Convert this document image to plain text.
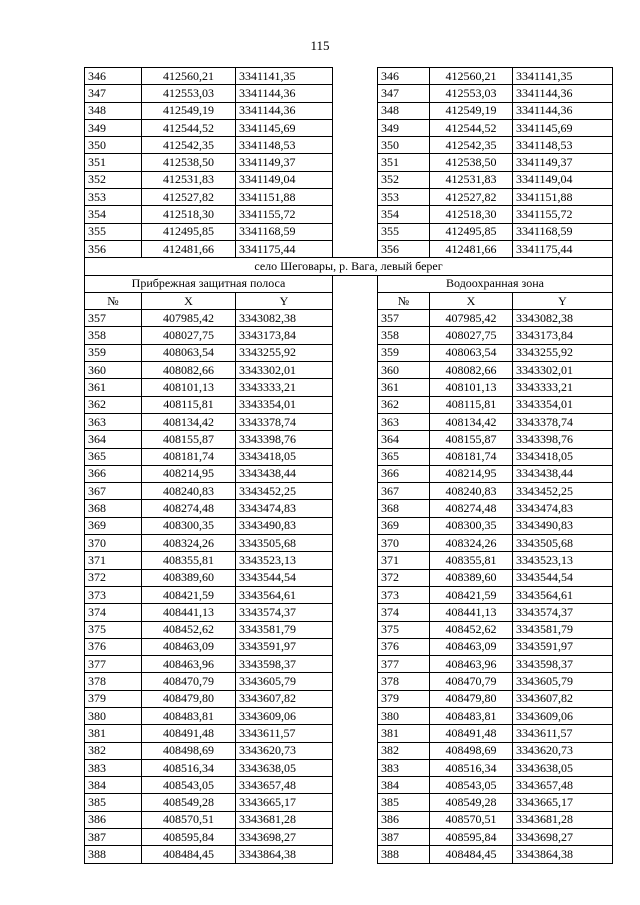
115
346	412560,21	3341141,35		346	412560,21	3341141,35
347	412553,03	3341144,36		347	412553,03	3341144,36
348	412549,19	3341144,36		348	412549,19	3341144,36
349	412544,52	3341145,69		349	412544,52	3341145,69
350	412542,35	3341148,53		350	412542,35	3341148,53
351	412538,50	3341149,37		351	412538,50	3341149,37
352	412531,83	3341149,04		352	412531,83	3341149,04
353	412527,82	3341151,88		353	412527,82	3341151,88
354	412518,30	3341155,72		354	412518,30	3341155,72
355	412495,85	3341168,59		355	412495,85	3341168,59
356	412481,66	3341175,44		356	412481,66	3341175,44
село Шеговары, р. Вага, левый берег						
Прибрежная защитная полоса				Водоохранная зона		
№	X	Y		№	X	Y
357	407985,42	3343082,38		357	407985,42	3343082,38
358	408027,75	3343173,84		358	408027,75	3343173,84
359	408063,54	3343255,92		359	408063,54	3343255,92
360	408082,66	3343302,01		360	408082,66	3343302,01
361	408101,13	3343333,21		361	408101,13	3343333,21
362	408115,81	3343354,01		362	408115,81	3343354,01
363	408134,42	3343378,74		363	408134,42	3343378,74
364	408155,87	3343398,76		364	408155,87	3343398,76
365	408181,74	3343418,05		365	408181,74	3343418,05
366	408214,95	3343438,44		366	408214,95	3343438,44
367	408240,83	3343452,25		367	408240,83	3343452,25
368	408274,48	3343474,83		368	408274,48	3343474,83
369	408300,35	3343490,83		369	408300,35	3343490,83
370	408324,26	3343505,68		370	408324,26	3343505,68
371	408355,81	3343523,13		371	408355,81	3343523,13
372	408389,60	3343544,54		372	408389,60	3343544,54
373	408421,59	3343564,61		373	408421,59	3343564,61
374	408441,13	3343574,37		374	408441,13	3343574,37
375	408452,62	3343581,79		375	408452,62	3343581,79
376	408463,09	3343591,97		376	408463,09	3343591,97
377	408463,96	3343598,37		377	408463,96	3343598,37
378	408470,79	3343605,79		378	408470,79	3343605,79
379	408479,80	3343607,82		379	408479,80	3343607,82
380	408483,81	3343609,06		380	408483,81	3343609,06
381	408491,48	3343611,57		381	408491,48	3343611,57
382	408498,69	3343620,73		382	408498,69	3343620,73
383	408516,34	3343638,05		383	408516,34	3343638,05
384	408543,05	3343657,48		384	408543,05	3343657,48
385	408549,28	3343665,17		385	408549,28	3343665,17
386	408570,51	3343681,28		386	408570,51	3343681,28
387	408595,84	3343698,27		387	408595,84	3343698,27
388	408484,45	3343864,38		388	408484,45	3343864,38
